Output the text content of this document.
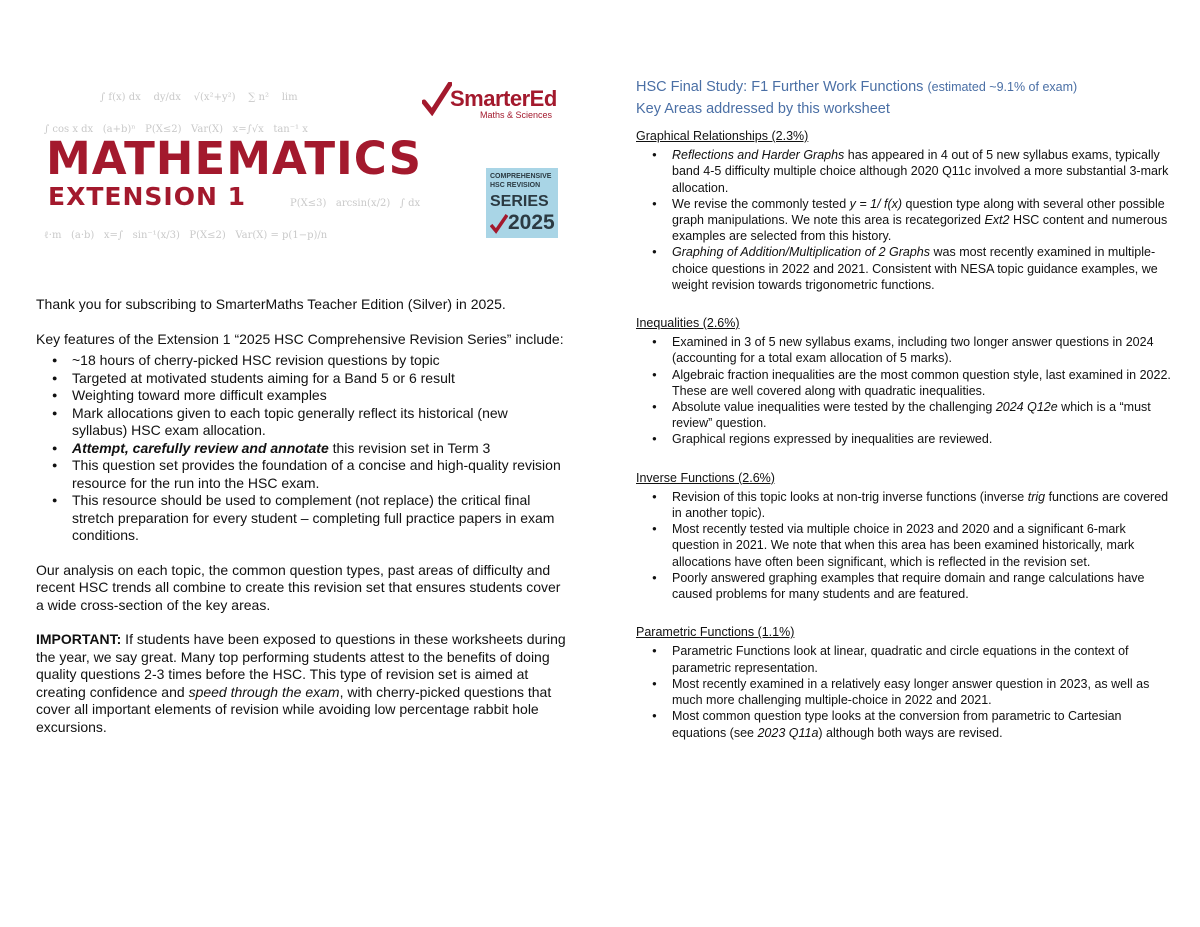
∫ f(x) dx    dy/dx    √(x²+y²)    ∑ n²    lim
∫ cos x dx   (a+b)ⁿ   P(X≤2)   Var(X)   x=∫√x   tan⁻¹ x
P(X≤3)   arcsin(x/2)   ∫ dx
ℓ·m   (a·b)   x=∫   sin⁻¹(x/3)   P(X≤2)   Var(X) = p(1−p)/n
SmarterEd
Maths & Sciences
MATHEMATICS
EXTENSION 1
COMPREHENSIVE
HSC REVISION
SERIES
2025

Thank you for subscribing to SmarterMaths Teacher Edition (Silver) in 2025.

Key features of the Extension 1 “2025 HSC Comprehensive Revision Series” include:

● ~18 hours of cherry-picked HSC revision questions by topic
● Targeted at motivated students aiming for a Band 5 or 6 result
● Weighting toward more difficult examples
● Mark allocations given to each topic generally reflect its historical (new syllabus) HSC exam allocation.
● Attempt, carefully review and annotate this revision set in Term 3
● This question set provides the foundation of a concise and high-quality revision resource for the run into the HSC exam.
● This resource should be used to complement (not replace) the critical final stretch preparation for every student – completing full practice papers in exam conditions.

Our analysis on each topic, the common question types, past areas of difficulty and recent HSC trends all combine to create this revision set that ensures students cover a wide cross-section of the key areas.

IMPORTANT: If students have been exposed to questions in these worksheets during the year, we say great. Many top performing students attest to the benefits of doing quality questions 2-3 times before the HSC. This type of revision set is aimed at creating confidence and speed through the exam, with cherry-picked questions that cover all important elements of revision while avoiding low percentage rabbit hole excursions.

HSC Final Study: F1 Further Work Functions (estimated ~9.1% of exam)
Key Areas addressed by this worksheet
Graphical Relationships (2.3%)
● Reflections and Harder Graphs has appeared in 4 out of 5 new syllabus exams, typically band 4-5 difficulty multiple choice although 2020 Q11c involved a more substantial 3-mark allocation.
● We revise the commonly tested y = 1/ f(x) question type along with several other possible graph manipulations. We note this area is recategorized Ext2 HSC content and numerous examples are selected from this history.
● Graphing of Addition/Multiplication of 2 Graphs was most recently examined in multiple-choice questions in 2022 and 2021. Consistent with NESA topic guidance examples, we weight revision towards trigonometric functions.
Inequalities (2.6%)
● Examined in 3 of 5 new syllabus exams, including two longer answer questions in 2024 (accounting for a total exam allocation of 5 marks).
● Algebraic fraction inequalities are the most common question style, last examined in 2022. These are well covered along with quadratic inequalities.
● Absolute value inequalities were tested by the challenging 2024 Q12e which is a “must review” question.
● Graphical regions expressed by inequalities are reviewed.
Inverse Functions (2.6%)
● Revision of this topic looks at non-trig inverse functions (inverse trig functions are covered in another topic).
● Most recently tested via multiple choice in 2023 and 2020 and a significant 6-mark question in 2021. We note that when this area has been examined historically, mark allocations have often been significant, which is reflected in the revision set.
● Poorly answered graphing examples that require domain and range calculations have caused problems for many students and are featured.
Parametric Functions (1.1%)
● Parametric Functions look at linear, quadratic and circle equations in the context of parametric representation.
● Most recently examined in a relatively easy longer answer question in 2023, as well as much more challenging multiple-choice in 2022 and 2021.
● Most common question type looks at the conversion from parametric to Cartesian equations (see 2023 Q11a) although both ways are revised.
